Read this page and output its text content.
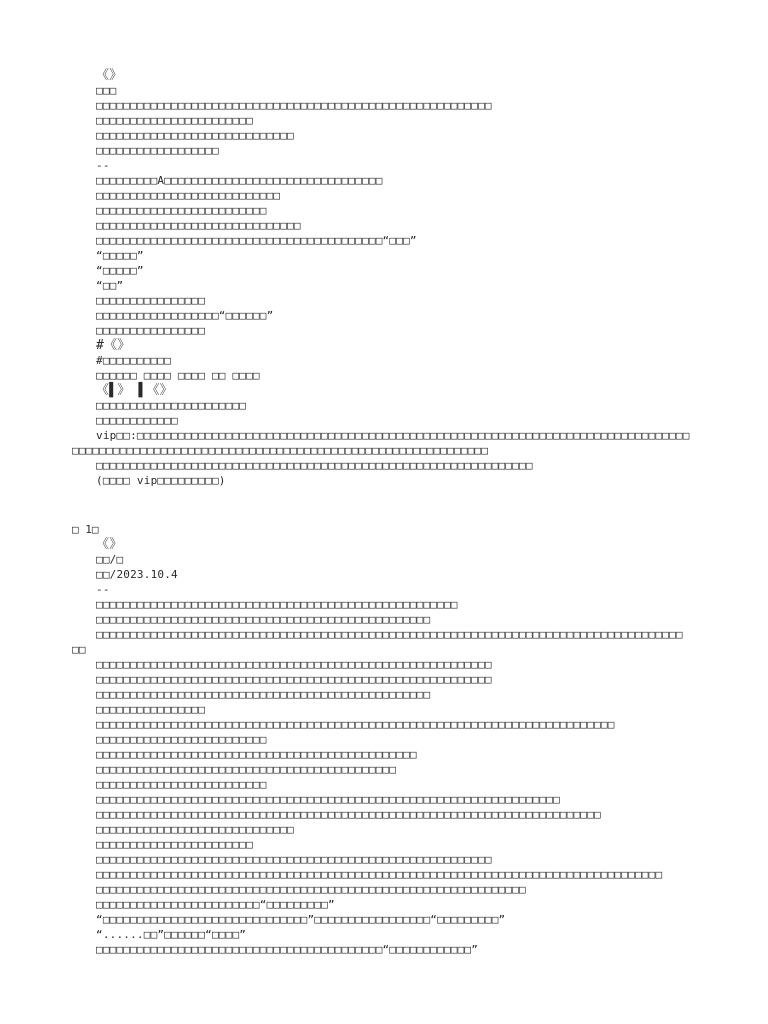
《》
□□□
□□□□□□□□□□□□□□□□□□□□□□□□□□□□□□□□□□□□□□□□□□□□□□□□□□□□□□□□□□
□□□□□□□□□□□□□□□□□□□□□□□
□□□□□□□□□□□□□□□□□□□□□□□□□□□□□
□□□□□□□□□□□□□□□□□□
--
□□□□□□□□□A□□□□□□□□□□□□□□□□□□□□□□□□□□□□□□□□
□□□□□□□□□□□□□□□□□□□□□□□□□□□
□□□□□□□□□□□□□□□□□□□□□□□□□
□□□□□□□□□□□□□□□□□□□□□□□□□□□□□□
□□□□□□□□□□□□□□□□□□□□□□□□□□□□□□□□□□□□□□□□□□“□□□”
“□□□□□”
“□□□□□”
“□□”
□□□□□□□□□□□□□□□□
□□□□□□□□□□□□□□□□□□“□□□□□□”
□□□□□□□□□□□□□□□□
#《》
#□□□□□□□□□□
□□□□□□ □□□□ □□□□ □□ □□□□
《▌》 ▌《》
□□□□□□□□□□□□□□□□□□□□□□
□□□□□□□□□□□□
vip□□:□□□□□□□□□□□□□□□□□□□□□□□□□□□□□□□□□□□□□□□□□□□□□□□□□□□□□□□□□□□□□□□□□□□□□□□□□□□□□□□□□
□□□□□□□□□□□□□□□□□□□□□□□□□□□□□□□□□□□□□□□□□□□□□□□□□□□□□□□□□□□□□
□□□□□□□□□□□□□□□□□□□□□□□□□□□□□□□□□□□□□□□□□□□□□□□□□□□□□□□□□□□□□□□□
(□□□□ vip□□□□□□□□□)
□ 1□
《》
□□/□
□□/2023.10.4
--
□□□□□□□□□□□□□□□□□□□□□□□□□□□□□□□□□□□□□□□□□□□□□□□□□□□□□
□□□□□□□□□□□□□□□□□□□□□□□□□□□□□□□□□□□□□□□□□□□□□□□□□
□□□□□□□□□□□□□□□□□□□□□□□□□□□□□□□□□□□□□□□□□□□□□□□□□□□□□□□□□□□□□□□□□□□□□□□□□□□□□□□□□□□□□□
□□
□□□□□□□□□□□□□□□□□□□□□□□□□□□□□□□□□□□□□□□□□□□□□□□□□□□□□□□□□□
□□□□□□□□□□□□□□□□□□□□□□□□□□□□□□□□□□□□□□□□□□□□□□□□□□□□□□□□□□
□□□□□□□□□□□□□□□□□□□□□□□□□□□□□□□□□□□□□□□□□□□□□□□□□
□□□□□□□□□□□□□□□□
□□□□□□□□□□□□□□□□□□□□□□□□□□□□□□□□□□□□□□□□□□□□□□□□□□□□□□□□□□□□□□□□□□□□□□□□□□□□
□□□□□□□□□□□□□□□□□□□□□□□□□
□□□□□□□□□□□□□□□□□□□□□□□□□□□□□□□□□□□□□□□□□□□□□□□
□□□□□□□□□□□□□□□□□□□□□□□□□□□□□□□□□□□□□□□□□□□□
□□□□□□□□□□□□□□□□□□□□□□□□□
□□□□□□□□□□□□□□□□□□□□□□□□□□□□□□□□□□□□□□□□□□□□□□□□□□□□□□□□□□□□□□□□□□□□
□□□□□□□□□□□□□□□□□□□□□□□□□□□□□□□□□□□□□□□□□□□□□□□□□□□□□□□□□□□□□□□□□□□□□□□□□□
□□□□□□□□□□□□□□□□□□□□□□□□□□□□□
□□□□□□□□□□□□□□□□□□□□□□□
□□□□□□□□□□□□□□□□□□□□□□□□□□□□□□□□□□□□□□□□□□□□□□□□□□□□□□□□□□
□□□□□□□□□□□□□□□□□□□□□□□□□□□□□□□□□□□□□□□□□□□□□□□□□□□□□□□□□□□□□□□□□□□□□□□□□□□□□□□□□□□
□□□□□□□□□□□□□□□□□□□□□□□□□□□□□□□□□□□□□□□□□□□□□□□□□□□□□□□□□□□□□□□
□□□□□□□□□□□□□□□□□□□□□□□□“□□□□□□□□□”
“□□□□□□□□□□□□□□□□□□□□□□□□□□□□□□”□□□□□□□□□□□□□□□□□“□□□□□□□□□”
“......□□”□□□□□□“□□□□”
□□□□□□□□□□□□□□□□□□□□□□□□□□□□□□□□□□□□□□□□□□“□□□□□□□□□□□□”
